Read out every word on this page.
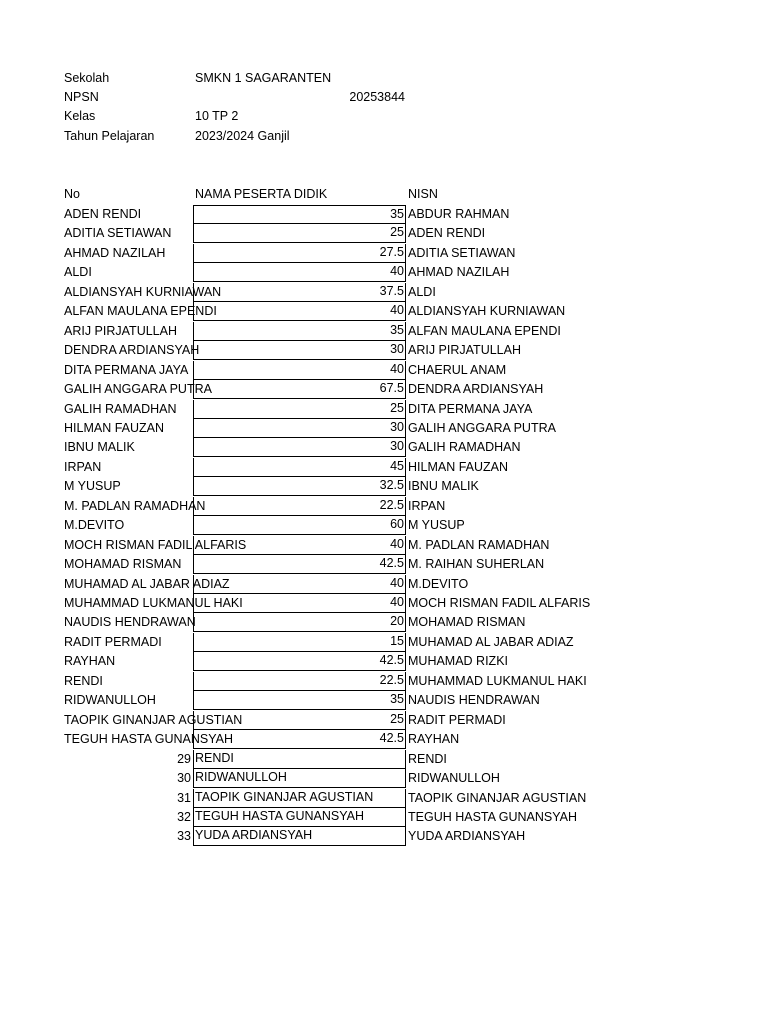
Sekolah	SMKN 1 SAGARANTEN
NPSN	20253844
Kelas	10 TP 2
Tahun Pelajaran	2023/2024 Ganjil
No	NAMA PESERTA DIDIK	NISN
ADEN RENDI	35 ABDUR RAHMAN
ADITIA SETIAWAN	25 ADEN RENDI
AHMAD NAZILAH	27.5 ADITIA SETIAWAN
ALDI	40 AHMAD NAZILAH
ALDIANSYAH KURNIAWAN	37.5 ALDI
ALFAN MAULANA EPENDI	40 ALDIANSYAH KURNIAWAN
ARIJ PIRJATULLAH	35 ALFAN MAULANA EPENDI
DENDRA ARDIANSYAH	30 ARIJ PIRJATULLAH
DITA PERMANA JAYA	40 CHAERUL ANAM
GALIH ANGGARA PUTRA	67.5 DENDRA ARDIANSYAH
GALIH RAMADHAN	25 DITA PERMANA JAYA
HILMAN FAUZAN	30 GALIH ANGGARA PUTRA
IBNU MALIK	30 GALIH RAMADHAN
IRPAN	45 HILMAN FAUZAN
M YUSUP	32.5 IBNU MALIK
M. PADLAN RAMADHAN	22.5 IRPAN
M.DEVITO	60 M YUSUP
MOCH RISMAN FADIL ALFARIS	40 M. PADLAN RAMADHAN
MOHAMAD RISMAN	42.5 M. RAIHAN SUHERLAN
MUHAMAD AL JABAR ADIAZ	40 M.DEVITO
MUHAMMAD LUKMANUL HAKI	40 MOCH RISMAN FADIL ALFARIS
NAUDIS HENDRAWAN	20 MOHAMAD RISMAN
RADIT PERMADI	15 MUHAMAD AL JABAR ADIAZ
RAYHAN	42.5 MUHAMAD RIZKI
RENDI	22.5 MUHAMMAD LUKMANUL HAKI
RIDWANULLOH	35 NAUDIS HENDRAWAN
TAOPIK GINANJAR AGUSTIAN	25 RADIT PERMADI
TEGUH HASTA GUNANSYAH	42.5 RAYHAN
29 RENDI	RENDI
30 RIDWANULLOH	RIDWANULLOH
31 TAOPIK GINANJAR AGUSTIAN	TAOPIK GINANJAR AGUSTIAN
32 TEGUH HASTA GUNANSYAH	TEGUH HASTA GUNANSYAH
33 YUDA ARDIANSYAH	YUDA ARDIANSYAH
